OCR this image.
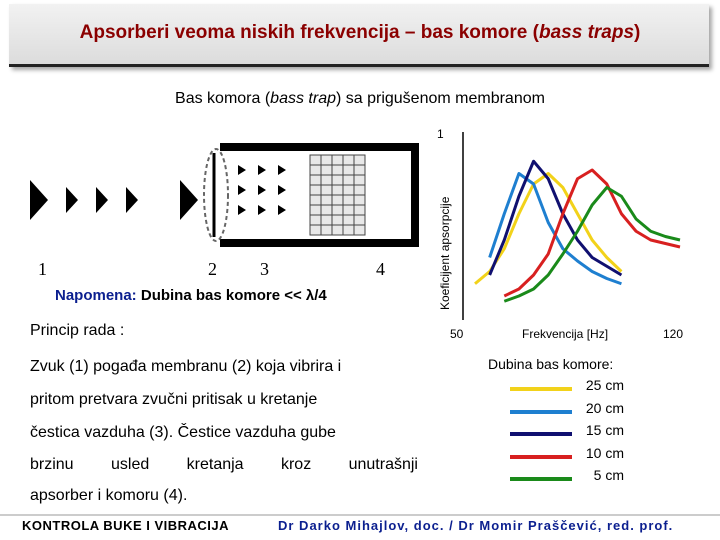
Apsorberi veoma niskih frekvencija – bas komore (bass traps)
Bas komora (bass trap) sa prigušenom membranom
1	2 3	4
Napomena: Dubina bas komore << λ/4
Princip rada :
Zvuk (1) pogađa membranu (2) koja vibrira i
pritom pretvara zvučni pritisak u kretanje
čestica vazduha (3). Čestice vazduha gube
brzinu usled kretanja kroz unutrašnji
apsorber i komoru (4).
Koeficijent apsorpcije
1
50	Frekvencija [Hz]	120
Dubina bas komore:
25 cm
20 cm
15 cm
10 cm
5 cm
KONTROLA BUKE I VIBRACIJA	Dr Darko Mihajlov, doc. / Dr Momir Praščević, red. prof.
